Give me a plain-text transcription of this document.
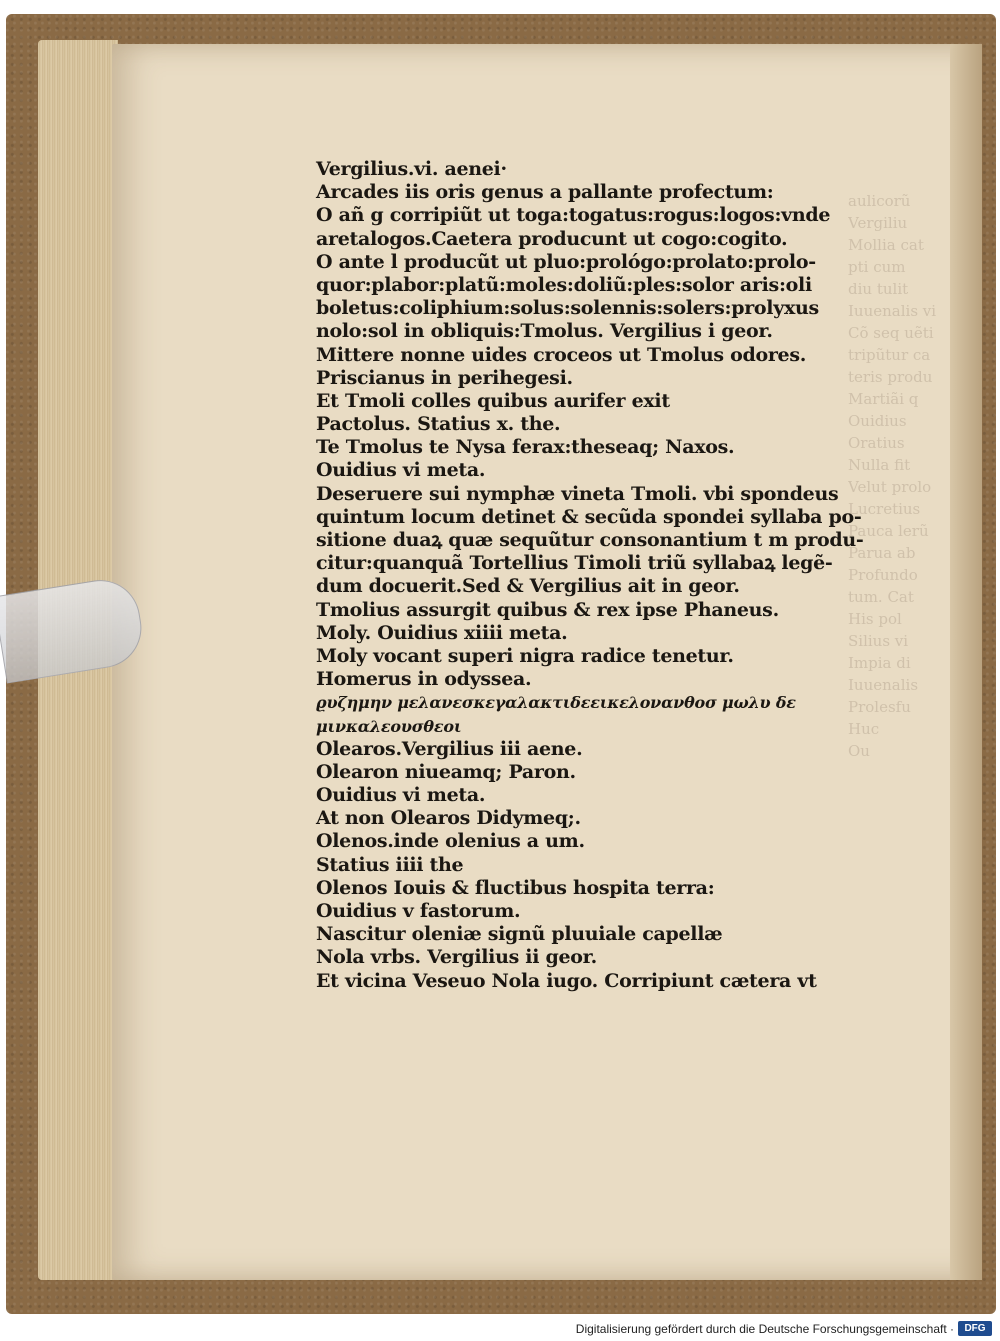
aulicorũ
Vergiliu
Mollia cat
pti cum
diu tulit
Iuuenalis vi
Cõ seq uẽti
tripũtur ca
teris produ
Martiãi q
Ouidius
Oratius
Nulla fit
Velut prolo
Lucretius
Pauca lerũ
Parua ab
Profundo
tum. Cat
His pol
Silius vi
Impia di
Iuuenalis
Prolesfu
Huc
Ou
Vergilius.vi. aenei·
Arcades iis oris genus a pallante profectum:
O añ g corripiũt ut toga:togatus:rogus:logos:vnde
aretalogos.Caetera producunt ut cogo:cogito.
O ante l producũt ut pluo:prológo:prolato:prolo‑
quor:plabor:platũ:moles:doliũ:ples:solor aris:oli
boletus:coliphium:solus:solennis:solers:prolyxus
nolo:sol in obliquis:Tmolus. Vergilius i geor.
Mittere nonne uides croceos ut Tmolus odores.
Priscianus in perihegesi.
Et Tmoli colles quibus aurifer exit
Pactolus. Statius x. the.
Te Tmolus te Nysa ferax:theseaq; Naxos.
Ouidius vi meta.
Deseruere sui nymphæ vineta Tmoli. vbi spondeus
quintum locum detinet & secũda spondei syllaba po‑
sitione duaꝝ quæ sequũtur consonantium t m produ‑
citur:quanquã Tortellius Timoli triũ syllabaꝝ legẽ‑
dum docuerit.Sed & Vergilius ait in geor.
Tmolius assurgit quibus & rex ipse Phaneus.
Moly. Ouidius xiiii meta.
Moly vocant superi nigra radice tenetur.
Homerus in odyssea.
ϱυζημην μελανεσκεγαλακτιδεεικελονανθοσ μωλυ δε
μινκαλεουσθεοι
Olearos.Vergilius iii aene.
Olearon niueamq; Paron.
Ouidius vi meta.
At non Olearos Didymeq;.
Olenos.inde olenius a um.
Statius iiii the
Olenos Iouis & fluctibus hospita terra:
Ouidius v fastorum.
Nascitur oleniæ signũ pluuiale capellæ
Nola vrbs. Vergilius ii geor.
Et vicina Veseuo Nola iugo. Corripiunt cætera vt
Digitalisierung gefördert durch die Deutsche Forschungsgemeinschaft ·	DFG
